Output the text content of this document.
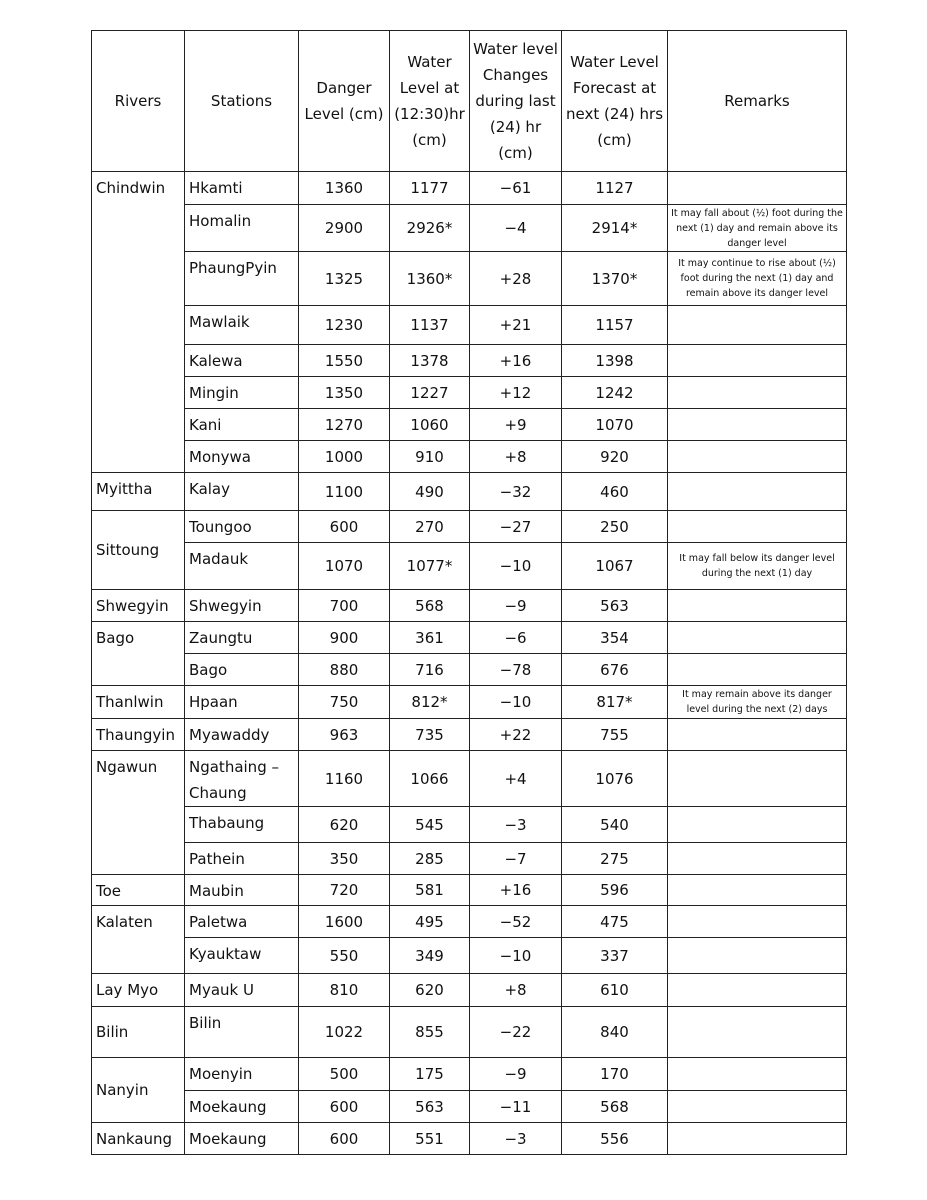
Rivers	Stations	Danger Level (cm)	Water Level at (12:30)hr (cm)	Water level Changes during last (24) hr (cm)	Water Level Forecast at next (24) hrs (cm)	Remarks

Chindwin	Hkamti	1360	1177	−61	1127	
	Homalin	2900	2926*	−4	2914*	It may fall about (½) foot during the next (1) day and remain above its danger level
	PhaungPyin	1325	1360*	+28	1370*	It may continue to rise about (½) foot during the next (1) day and remain above its danger level
	Mawlaik	1230	1137	+21	1157	
	Kalewa	1550	1378	+16	1398	
	Mingin	1350	1227	+12	1242	
	Kani	1270	1060	+9	1070	
	Monywa	1000	910	+8	920	
Myittha	Kalay	1100	490	−32	460	
Sittoung	Toungoo	600	270	−27	250	
	Madauk	1070	1077*	−10	1067	It may fall below its danger level during the next (1) day
Shwegyin	Shwegyin	700	568	−9	563	
Bago	Zaungtu	900	361	−6	354	
	Bago	880	716	−78	676	
Thanlwin	Hpaan	750	812*	−10	817*	It may remain above its danger level during the next (2) days
Thaungyin	Myawaddy	963	735	+22	755	
Ngawun	Ngathaing – Chaung	1160	1066	+4	1076	
	Thabaung	620	545	−3	540	
	Pathein	350	285	−7	275	
Toe	Maubin	720	581	+16	596	
Kalaten	Paletwa	1600	495	−52	475	
	Kyauktaw	550	349	−10	337	
Lay Myo	Myauk U	810	620	+8	610	
Bilin	Bilin	1022	855	−22	840	
Nanyin	Moenyin	500	175	−9	170	
	Moekaung	600	563	−11	568	
Nankaung	Moekaung	600	551	−3	556	
